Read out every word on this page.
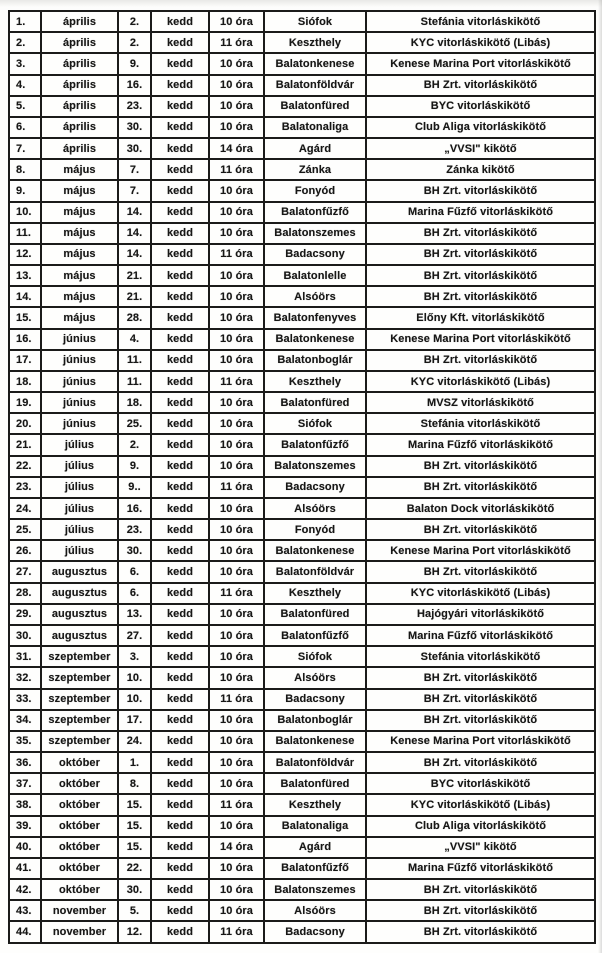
1.	április	2.	kedd	10 óra	Siófok	Stefánia vitorláskikötő
2.	április	2.	kedd	11 óra	Keszthely	KYC vitorláskikötő (Libás)
3.	április	9.	kedd	10 óra	Balatonkenese	Kenese Marina Port vitorláskikötő
4.	április	16.	kedd	10 óra	Balatonföldvár	BH Zrt. vitorláskikötő
5.	április	23.	kedd	10 óra	Balatonfüred	BYC vitorláskikötő
6.	április	30.	kedd	10 óra	Balatonaliga	Club Aliga vitorláskikötő
7.	április	30.	kedd	14 óra	Agárd	„VVSI" kikötő
8.	május	7.	kedd	11 óra	Zánka	Zánka kikötő
9.	május	7.	kedd	10 óra	Fonyód	BH Zrt. vitorláskikötő
10.	május	14.	kedd	10 óra	Balatonfűzfő	Marina Fűzfő vitorláskikötő
11.	május	14.	kedd	10 óra	Balatonszemes	BH Zrt. vitorláskikötő
12.	május	14.	kedd	11 óra	Badacsony	BH Zrt. vitorláskikötő
13.	május	21.	kedd	10 óra	Balatonlelle	BH Zrt. vitorláskikötő
14.	május	21.	kedd	10 óra	Alsóörs	BH Zrt. vitorláskikötő
15.	május	28.	kedd	10 óra	Balatonfenyves	Előny Kft. vitorláskikötő
16.	június	4.	kedd	10 óra	Balatonkenese	Kenese Marina Port vitorláskikötő
17.	június	11.	kedd	10 óra	Balatonboglár	BH Zrt. vitorláskikötő
18.	június	11.	kedd	11 óra	Keszthely	KYC vitorláskikötő (Libás)
19.	június	18.	kedd	10 óra	Balatonfüred	MVSZ vitorláskikötő
20.	június	25.	kedd	10 óra	Siófok	Stefánia vitorláskikötő
21.	július	2.	kedd	10 óra	Balatonfűzfő	Marina Fűzfő vitorláskikötő
22.	július	9.	kedd	10 óra	Balatonszemes	BH Zrt. vitorláskikötő
23.	július	9..	kedd	11 óra	Badacsony	BH Zrt. vitorláskikötő
24.	július	16.	kedd	10 óra	Alsóörs	Balaton Dock vitorláskikötő
25.	július	23.	kedd	10 óra	Fonyód	BH Zrt. vitorláskikötő
26.	július	30.	kedd	10 óra	Balatonkenese	Kenese Marina Port vitorláskikötő
27.	augusztus	6.	kedd	10 óra	Balatonföldvár	BH Zrt. vitorláskikötő
28.	augusztus	6.	kedd	11 óra	Keszthely	KYC vitorláskikötő (Libás)
29.	augusztus	13.	kedd	10 óra	Balatonfüred	Hajógyári vitorláskikötő
30.	augusztus	27.	kedd	10 óra	Balatonfűzfő	Marina Fűzfő vitorláskikötő
31.	szeptember	3.	kedd	10 óra	Siófok	Stefánia vitorláskikötő
32.	szeptember	10.	kedd	10 óra	Alsóörs	BH Zrt. vitorláskikötő
33.	szeptember	10.	kedd	11 óra	Badacsony	BH Zrt. vitorláskikötő
34.	szeptember	17.	kedd	10 óra	Balatonboglár	BH Zrt. vitorláskikötő
35.	szeptember	24.	kedd	10 óra	Balatonkenese	Kenese Marina Port vitorláskikötő
36.	október	1.	kedd	10 óra	Balatonföldvár	BH Zrt. vitorláskikötő
37.	október	8.	kedd	10 óra	Balatonfüred	BYC vitorláskikötő
38.	október	15.	kedd	11 óra	Keszthely	KYC vitorláskikötő (Libás)
39.	október	15.	kedd	10 óra	Balatonaliga	Club Aliga vitorláskikötő
40.	október	15.	kedd	14 óra	Agárd	„VVSI" kikötő
41.	október	22.	kedd	10 óra	Balatonfűzfő	Marina Fűzfő vitorláskikötő
42.	október	30.	kedd	10 óra	Balatonszemes	BH Zrt. vitorláskikötő
43.	november	5.	kedd	10 óra	Alsóörs	BH Zrt. vitorláskikötő
44.	november	12.	kedd	11 óra	Badacsony	BH Zrt. vitorláskikötő
